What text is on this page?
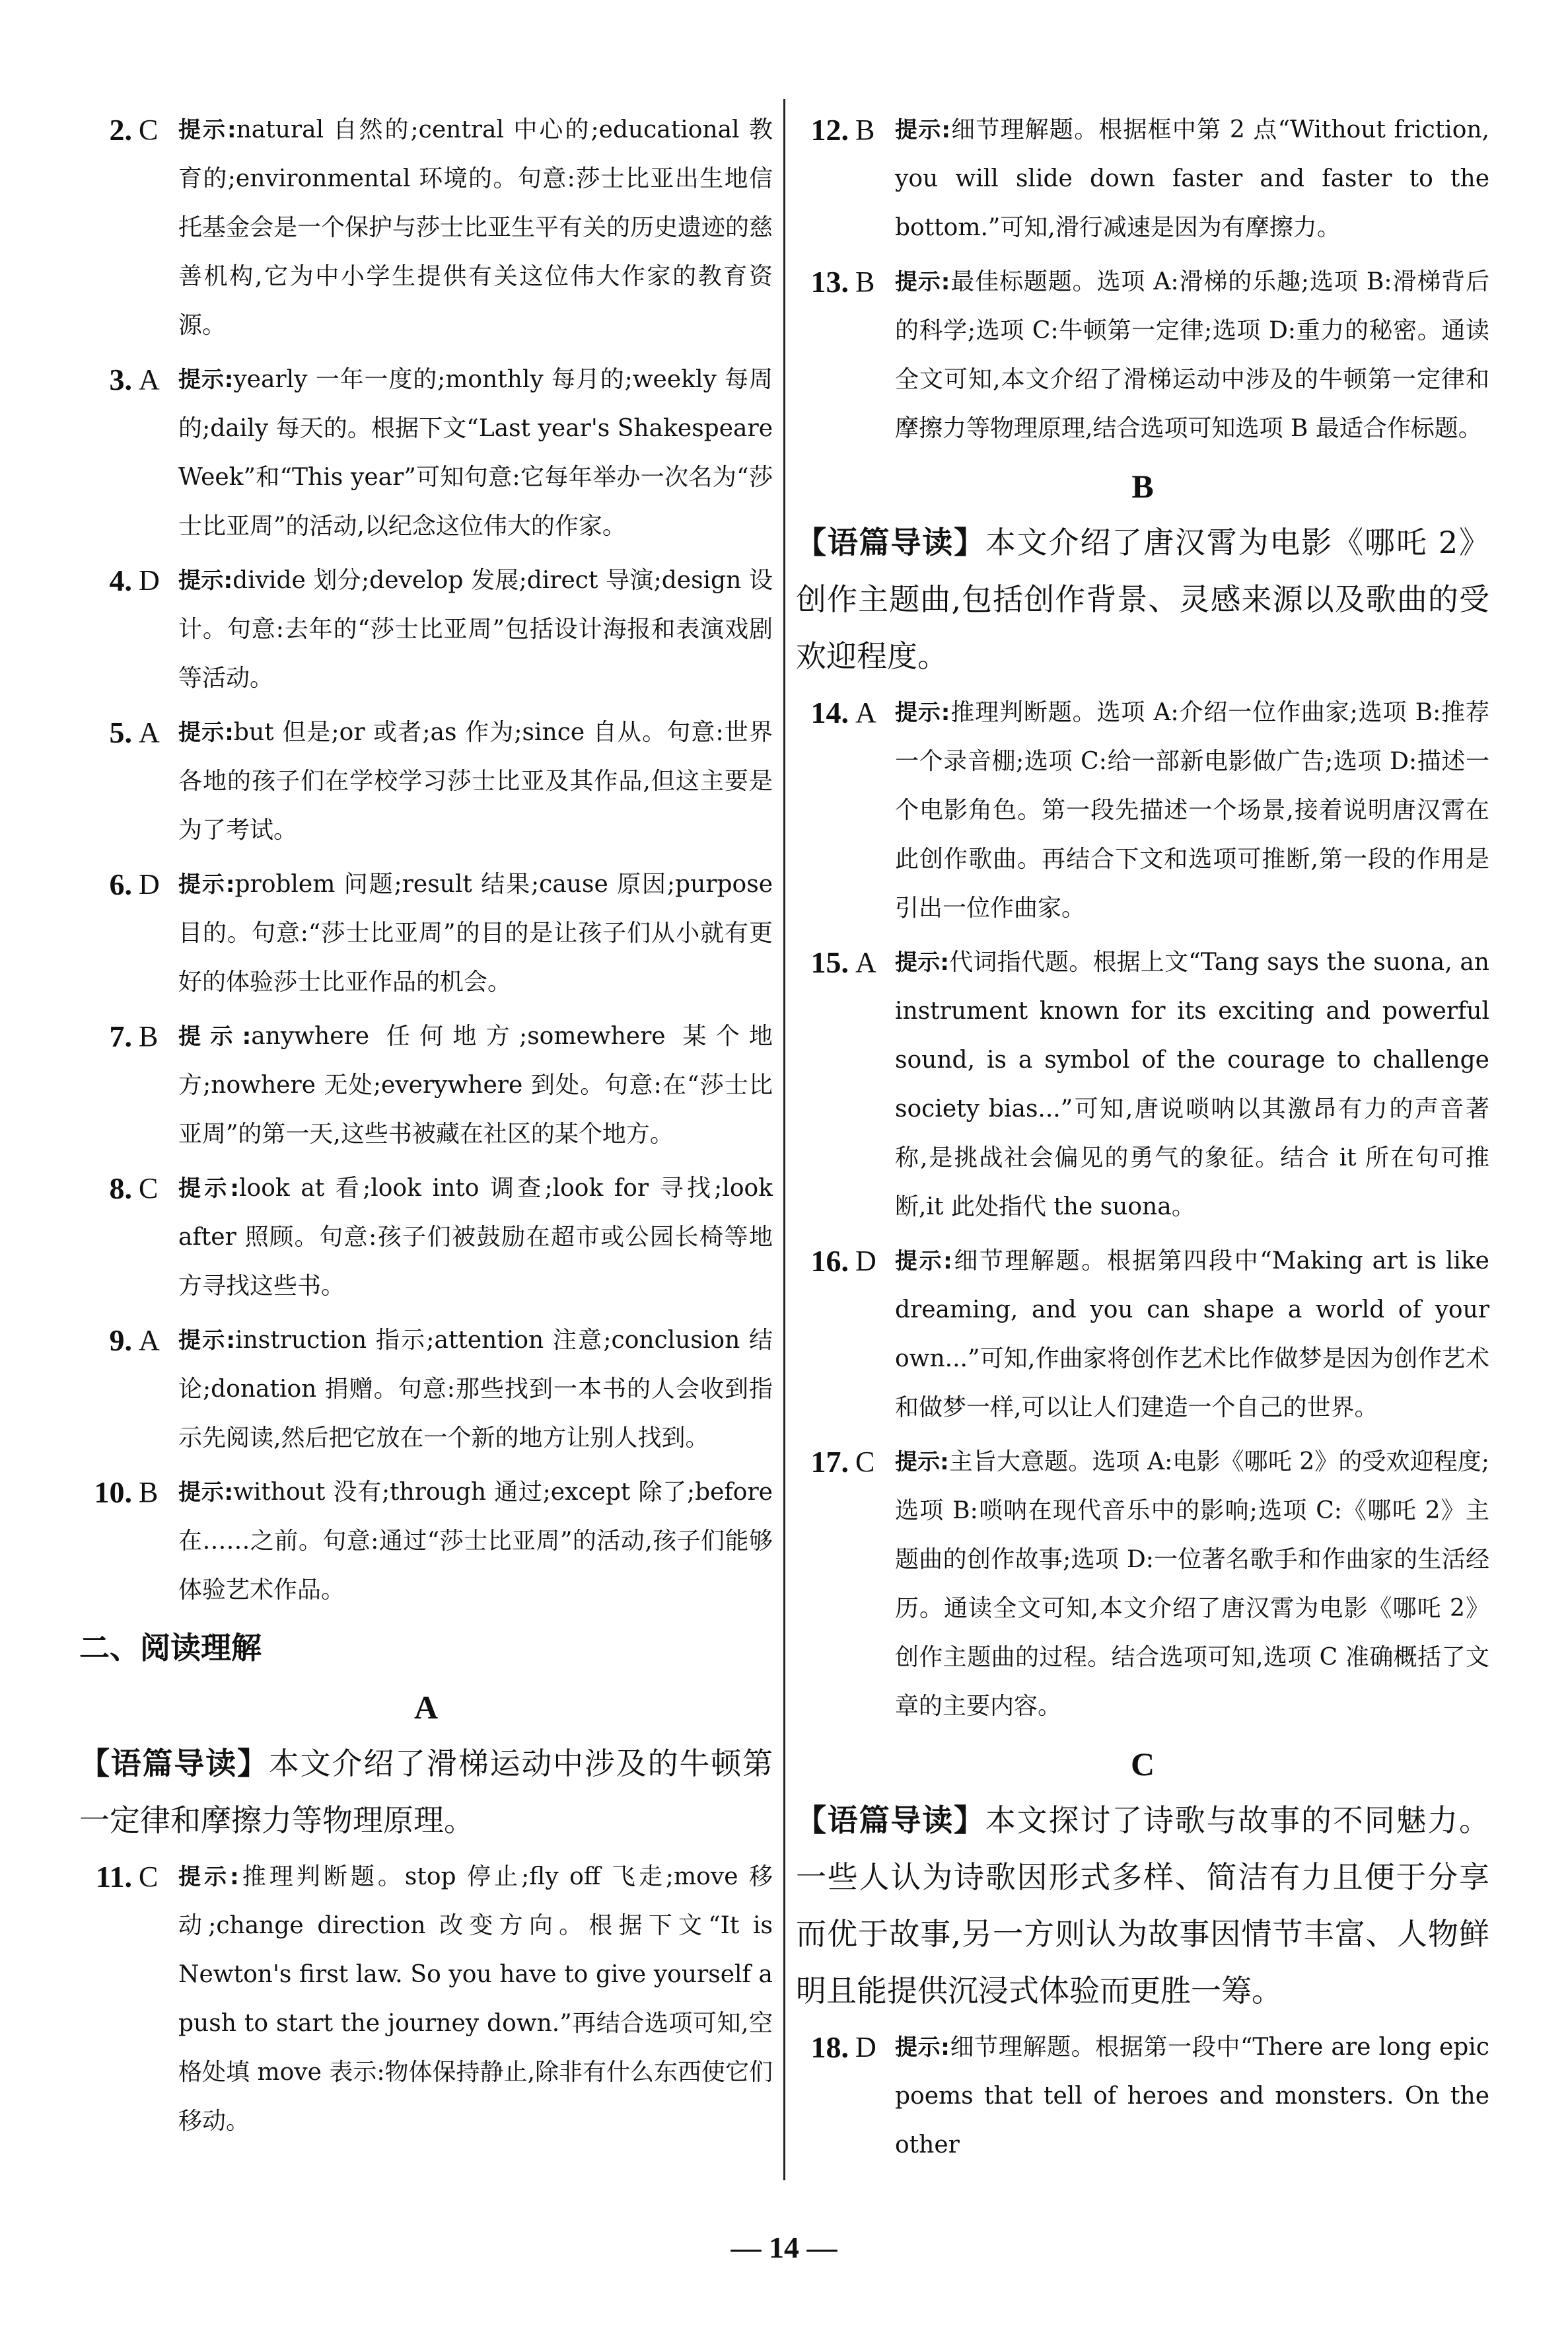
2. C 提示:natural 自然的;central 中心的;educational 教育的;environmental 环境的。句意:莎士比亚出生地信托基金会是一个保护与莎士比亚生平有关的历史遗迹的慈善机构,它为中小学生提供有关这位伟大作家的教育资源。
3. A 提示:yearly 一年一度的;monthly 每月的;weekly 每周的;daily 每天的。根据下文“Last year's Shakespeare Week”和“This year”可知句意:它每年举办一次名为“莎士比亚周”的活动,以纪念这位伟大的作家。
4. D 提示:divide 划分;develop 发展;direct 导演;design 设计。句意:去年的“莎士比亚周”包括设计海报和表演戏剧等活动。
5. A 提示:but 但是;or 或者;as 作为;since 自从。句意:世界各地的孩子们在学校学习莎士比亚及其作品,但这主要是为了考试。
6. D 提示:problem 问题;result 结果;cause 原因;purpose 目的。句意:“莎士比亚周”的目的是让孩子们从小就有更好的体验莎士比亚作品的机会。
7. B 提示:anywhere 任何地方;somewhere 某个地方;nowhere 无处;everywhere 到处。句意:在“莎士比亚周”的第一天,这些书被藏在社区的某个地方。
8. C 提示:look at 看;look into 调查;look for 寻找;look after 照顾。句意:孩子们被鼓励在超市或公园长椅等地方寻找这些书。
9. A 提示:instruction 指示;attention 注意;conclusion 结论;donation 捐赠。句意:那些找到一本书的人会收到指示先阅读,然后把它放在一个新的地方让别人找到。
10. B 提示:without 没有;through 通过;except 除了;before 在……之前。句意:通过“莎士比亚周”的活动,孩子们能够体验艺术作品。
二、阅读理解
A
【语篇导读】本文介绍了滑梯运动中涉及的牛顿第一定律和摩擦力等物理原理。
11. C 提示:推理判断题。stop 停止;fly off 飞走;move 移动;change direction 改变方向。根据下文“It is Newton's first law. So you have to give yourself a push to start the journey down.”再结合选项可知,空格处填 move 表示:物体保持静止,除非有什么东西使它们移动。
12. B 提示:细节理解题。根据框中第 2 点“Without friction, you will slide down faster and faster to the bottom.”可知,滑行减速是因为有摩擦力。
13. B 提示:最佳标题题。选项 A:滑梯的乐趣;选项 B:滑梯背后的科学;选项 C:牛顿第一定律;选项 D:重力的秘密。通读全文可知,本文介绍了滑梯运动中涉及的牛顿第一定律和摩擦力等物理原理,结合选项可知选项 B 最适合作标题。
B
【语篇导读】本文介绍了唐汉霄为电影《哪吒 2》创作主题曲,包括创作背景、灵感来源以及歌曲的受欢迎程度。
14. A 提示:推理判断题。选项 A:介绍一位作曲家;选项 B:推荐一个录音棚;选项 C:给一部新电影做广告;选项 D:描述一个电影角色。第一段先描述一个场景,接着说明唐汉霄在此创作歌曲。再结合下文和选项可推断,第一段的作用是引出一位作曲家。
15. A 提示:代词指代题。根据上文“Tang says the suona, an instrument known for its exciting and powerful sound, is a symbol of the courage to challenge society bias...”可知,唐说唢呐以其激昂有力的声音著称,是挑战社会偏见的勇气的象征。结合 it 所在句可推断,it 此处指代 the suona。
16. D 提示:细节理解题。根据第四段中“Making art is like dreaming, and you can shape a world of your own...”可知,作曲家将创作艺术比作做梦是因为创作艺术和做梦一样,可以让人们建造一个自己的世界。
17. C 提示:主旨大意题。选项 A:电影《哪吒 2》的受欢迎程度;选项 B:唢呐在现代音乐中的影响;选项 C:《哪吒 2》主题曲的创作故事;选项 D:一位著名歌手和作曲家的生活经历。通读全文可知,本文介绍了唐汉霄为电影《哪吒 2》创作主题曲的过程。结合选项可知,选项 C 准确概括了文章的主要内容。
C
【语篇导读】本文探讨了诗歌与故事的不同魅力。一些人认为诗歌因形式多样、简洁有力且便于分享而优于故事,另一方则认为故事因情节丰富、人物鲜明且能提供沉浸式体验而更胜一筹。
18. D 提示:细节理解题。根据第一段中“There are long epic poems that tell of heroes and monsters. On the other
— 14 —
